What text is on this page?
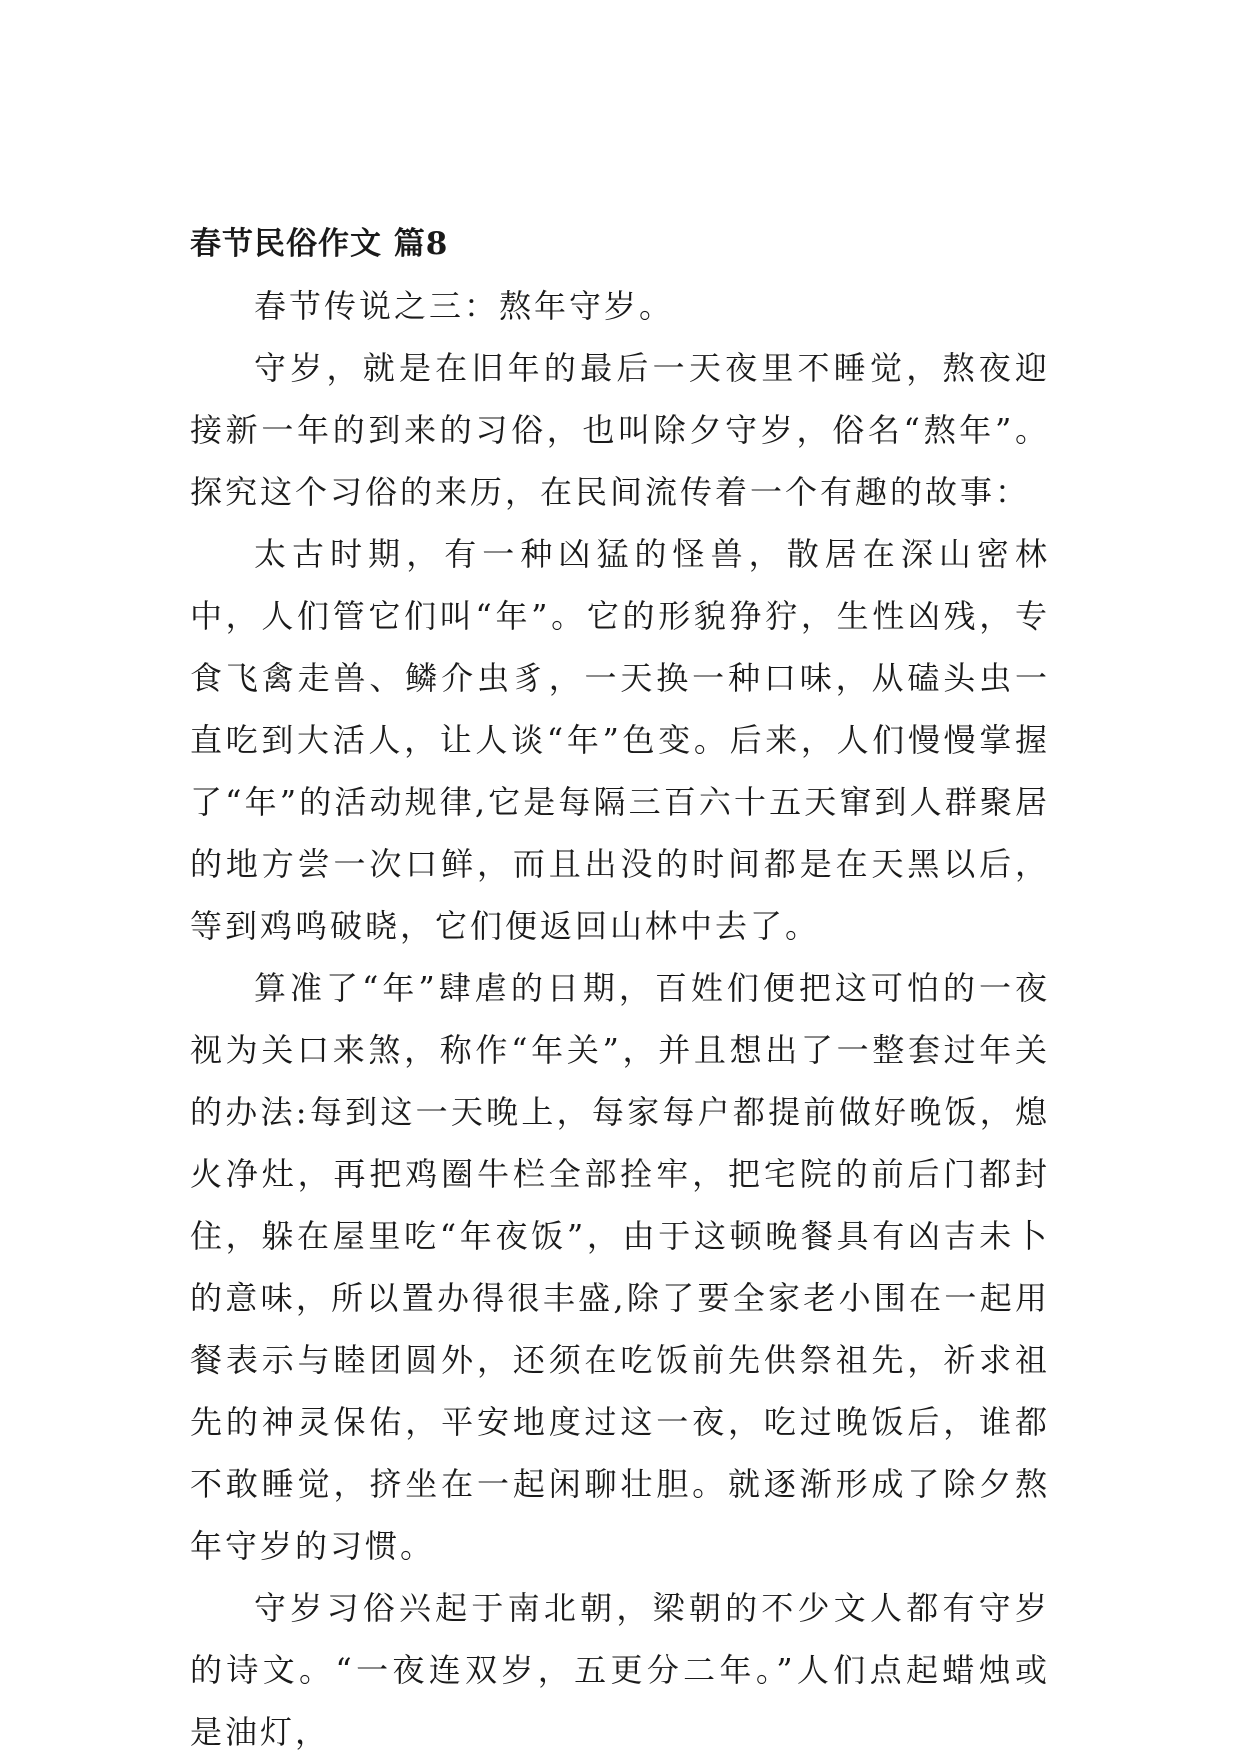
春节民俗作文 篇8

春节传说之三：熬年守岁。

守岁，就是在旧年的最后一天夜里不睡觉，熬夜迎接新一年的到来的习俗，也叫除夕守岁，俗名“熬年”。探究这个习俗的来历，在民间流传着一个有趣的故事：

太古时期，有一种凶猛的怪兽，散居在深山密林中，人们管它们叫“年”。它的形貌狰狞，生性凶残，专食飞禽走兽、鳞介虫豸，一天换一种口味，从磕头虫一直吃到大活人，让人谈“年”色变。后来，人们慢慢掌握了“年”的活动规律,它是每隔三百六十五天窜到人群聚居的地方尝一次口鲜，而且出没的时间都是在天黑以后，等到鸡鸣破晓，它们便返回山林中去了。

算准了“年”肆虐的日期，百姓们便把这可怕的一夜视为关口来煞，称作“年关”，并且想出了一整套过年关的办法:每到这一天晚上，每家每户都提前做好晚饭，熄火净灶，再把鸡圈牛栏全部拴牢，把宅院的前后门都封住，躲在屋里吃“年夜饭”，由于这顿晚餐具有凶吉未卜的意味，所以置办得很丰盛,除了要全家老小围在一起用餐表示与睦团圆外，还须在吃饭前先供祭祖先，祈求祖先的神灵保佑，平安地度过这一夜，吃过晚饭后，谁都不敢睡觉，挤坐在一起闲聊壮胆。就逐渐形成了除夕熬年守岁的习惯。

守岁习俗兴起于南北朝，梁朝的不少文人都有守岁的诗文。“一夜连双岁，五更分二年。”人们点起蜡烛或是油灯，
